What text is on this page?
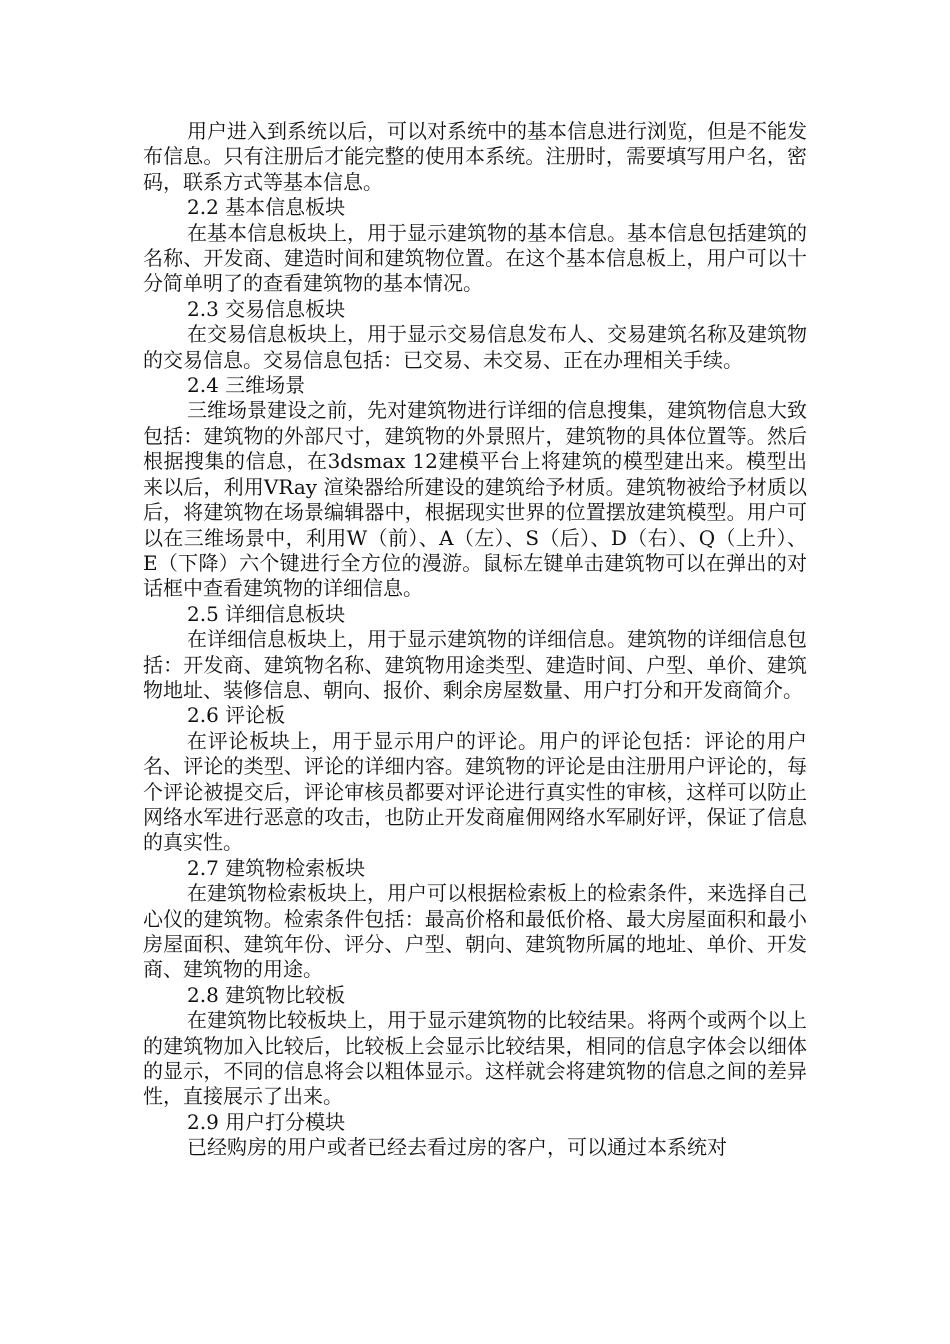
用户进入到系统以后，可以对系统中的基本信息进行浏览，但是不能发布信息。只有注册后才能完整的使用本系统。注册时，需要填写用户名，密码，联系方式等基本信息。

2.2 基本信息板块

在基本信息板块上，用于显示建筑物的基本信息。基本信息包括建筑的名称、开发商、建造时间和建筑物位置。在这个基本信息板上，用户可以十分简单明了的查看建筑物的基本情况。

2.3 交易信息板块

在交易信息板块上，用于显示交易信息发布人、交易建筑名称及建筑物的交易信息。交易信息包括：已交易、未交易、正在办理相关手续。

2.4 三维场景

三维场景建设之前，先对建筑物进行详细的信息搜集，建筑物信息大致包括：建筑物的外部尺寸，建筑物的外景照片，建筑物的具体位置等。然后根据搜集的信息，在3dsmax 12建模平台上将建筑的模型建出来。模型出来以后，利用VRay 渲染器给所建设的建筑给予材质。建筑物被给予材质以后，将建筑物在场景编辑器中，根据现实世界的位置摆放建筑模型。用户可以在三维场景中，利用W（前）、A（左）、S（后）、D（右）、Q（上升）、E（下降）六个键进行全方位的漫游。鼠标左键单击建筑物可以在弹出的对话框中查看建筑物的详细信息。

2.5 详细信息板块

在详细信息板块上，用于显示建筑物的详细信息。建筑物的详细信息包括：开发商、建筑物名称、建筑物用途类型、建造时间、户型、单价、建筑物地址、装修信息、朝向、报价、剩余房屋数量、用户打分和开发商简介。

2.6 评论板

在评论板块上，用于显示用户的评论。用户的评论包括：评论的用户名、评论的类型、评论的详细内容。建筑物的评论是由注册用户评论的，每个评论被提交后，评论审核员都要对评论进行真实性的审核，这样可以防止网络水军进行恶意的攻击，也防止开发商雇佣网络水军刷好评，保证了信息的真实性。

2.7 建筑物检索板块

在建筑物检索板块上，用户可以根据检索板上的检索条件，来选择自己心仪的建筑物。检索条件包括：最高价格和最低价格、最大房屋面积和最小房屋面积、建筑年份、评分、户型、朝向、建筑物所属的地址、单价、开发商、建筑物的用途。

2.8 建筑物比较板

在建筑物比较板块上，用于显示建筑物的比较结果。将两个或两个以上的建筑物加入比较后，比较板上会显示比较结果，相同的信息字体会以细体的显示，不同的信息将会以粗体显示。这样就会将建筑物的信息之间的差异性，直接展示了出来。

2.9 用户打分模块

已经购房的用户或者已经去看过房的客户，可以通过本系统对
